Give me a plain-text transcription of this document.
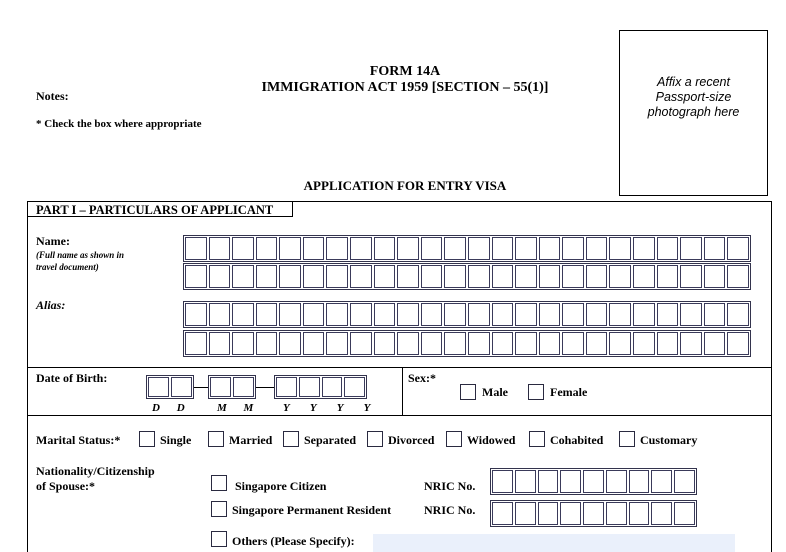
FORM 14A
IMMIGRATION ACT 1959 [SECTION – 55(1)]
Notes:
* Check the box where appropriate
Affix a recent
Passport-size
photograph here
APPLICATION FOR ENTRY VISA
PART I – PARTICULARS OF APPLICANT
Name:
(Full name as shown in
travel document)
Alias:
Date of Birth:
D D M M Y Y Y Y
Sex:*
Male	Female
Marital Status:*	Single	Married	Separated	Divorced	Widowed	Cohabited	Customary
Nationality/Citizenship
of Spouse:*	Singapore Citizen	NRIC No.
Singapore Permanent Resident	NRIC No.
Others (Please Specify):
